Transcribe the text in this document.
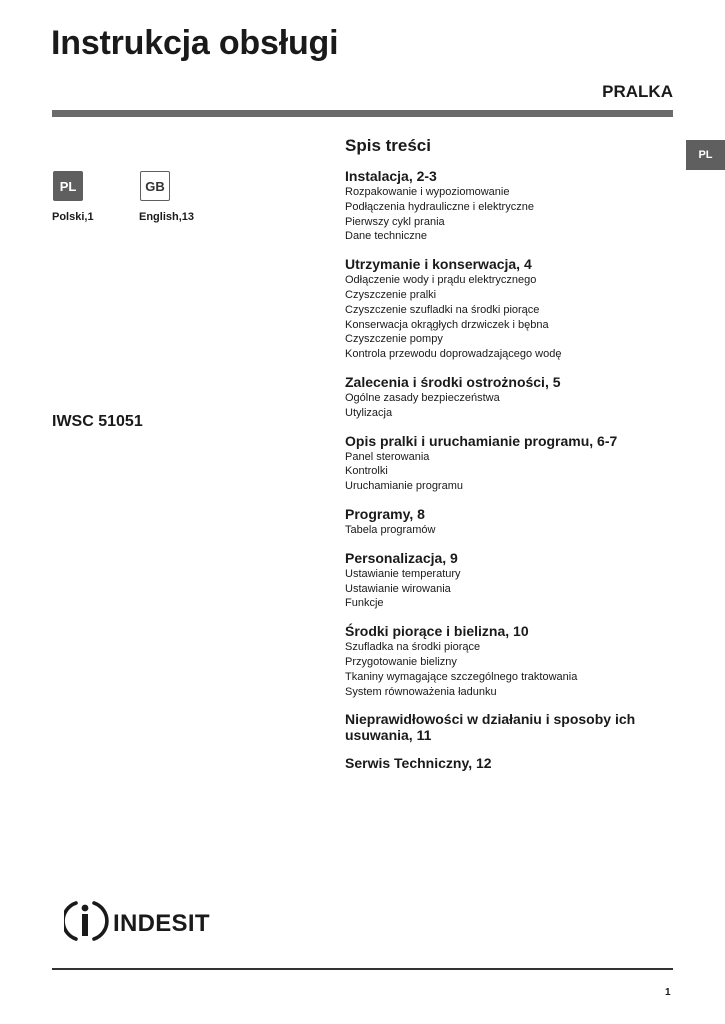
Instrukcja obsługi
PRALKA
PL
PL	GB
Polski,1	English,13
IWSC 51051
Spis treści
Instalacja, 2-3
Rozpakowanie i wypoziomowanie
Podłączenia hydrauliczne i elektryczne
Pierwszy cykl prania
Dane techniczne
Utrzymanie i konserwacja, 4
Odłączenie wody i prądu elektrycznego
Czyszczenie pralki
Czyszczenie szufladki na środki piorące
Konserwacja okrągłych drzwiczek i bębna
Czyszczenie pompy
Kontrola przewodu doprowadzającego wodę
Zalecenia i środki ostrożności, 5
Ogólne zasady bezpieczeństwa
Utylizacja
Opis pralki i uruchamianie programu, 6-7
Panel sterowania
Kontrolki
Uruchamianie programu
Programy, 8
Tabela programów
Personalizacja, 9
Ustawianie temperatury
Ustawianie wirowania
Funkcje
Środki piorące i bielizna, 10
Szufladka na środki piorące
Przygotowanie bielizny
Tkaniny wymagające szczególnego traktowania
System równoważenia ładunku
Nieprawidłowości w działaniu i sposoby ich usuwania, 11
Serwis Techniczny, 12
INDESIT
1
